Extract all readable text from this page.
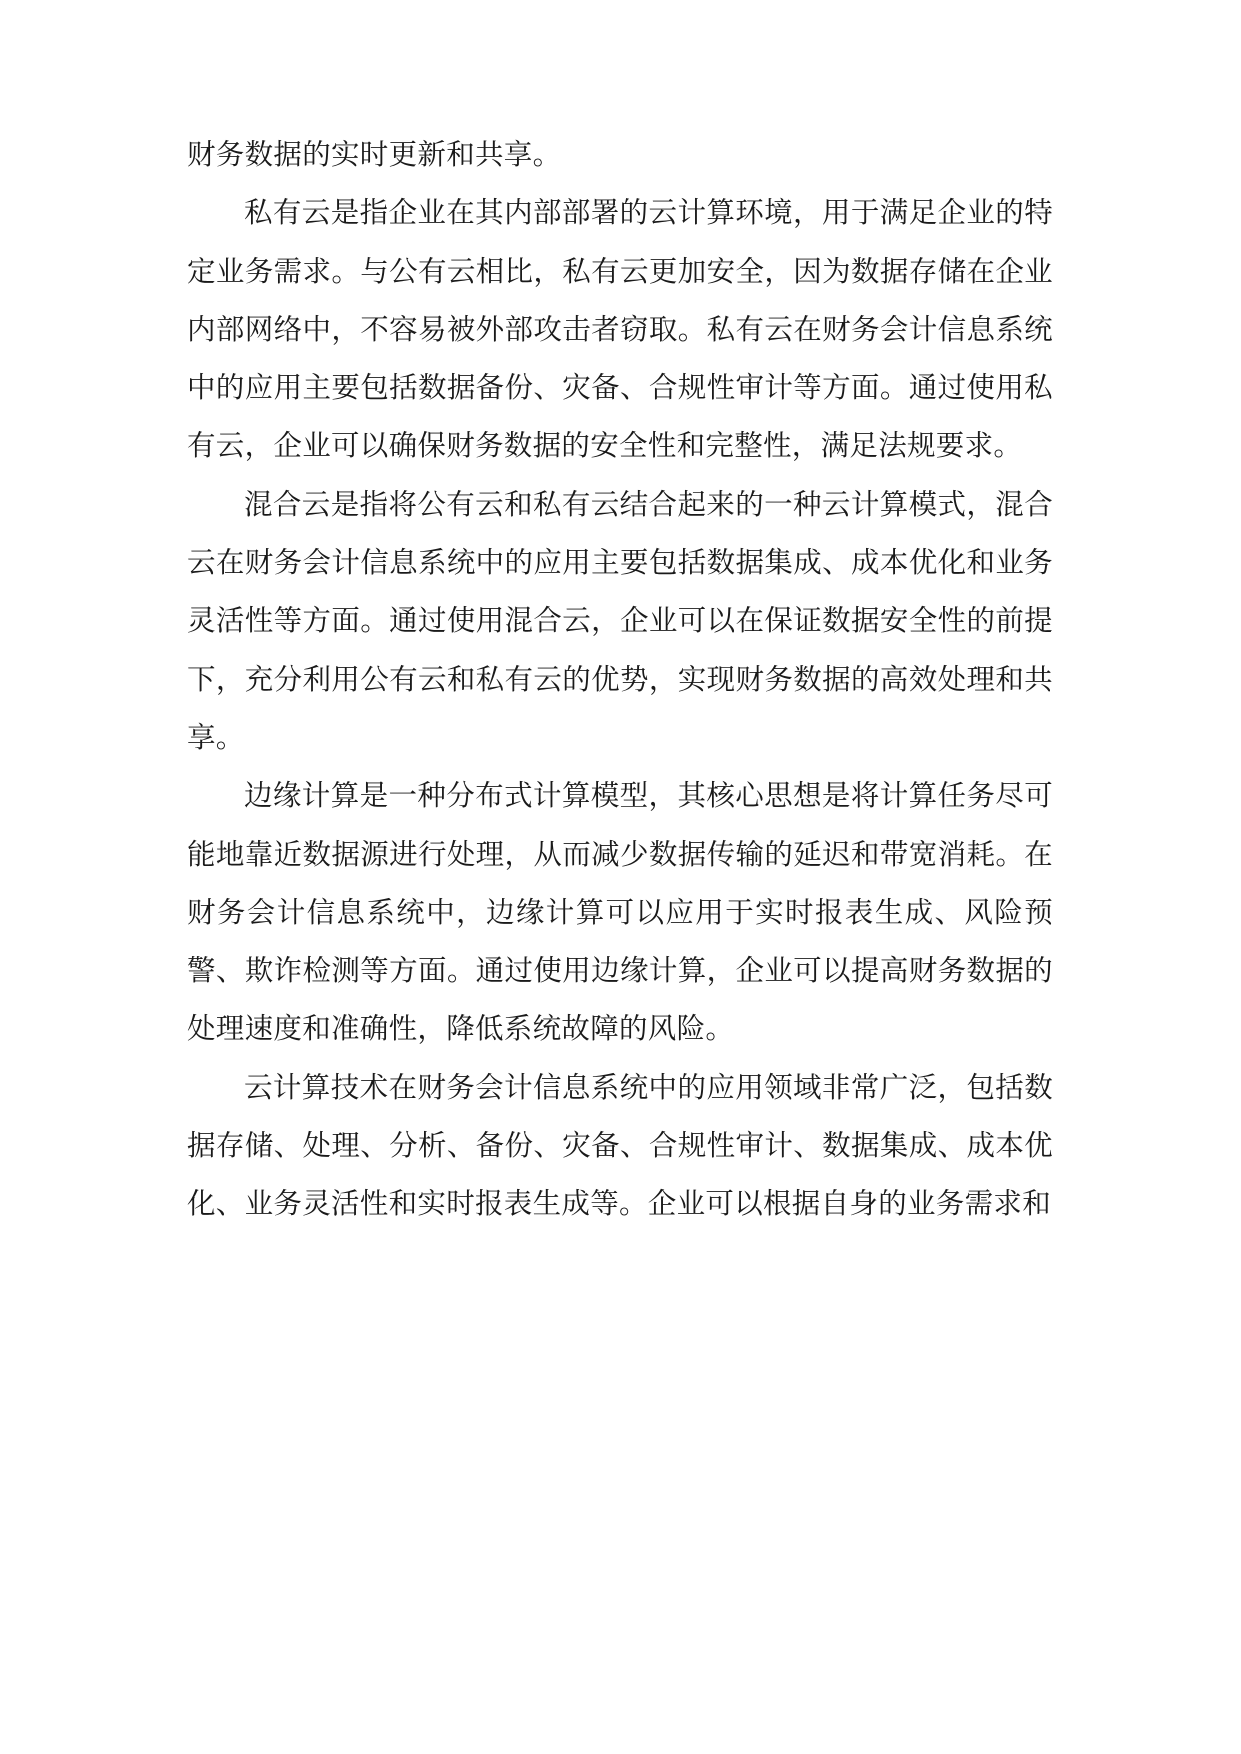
财务数据的实时更新和共享。

私有云是指企业在其内部部署的云计算环境，用于满足企业的特定业务需求。与公有云相比，私有云更加安全，因为数据存储在企业内部网络中，不容易被外部攻击者窃取。私有云在财务会计信息系统中的应用主要包括数据备份、灾备、合规性审计等方面。通过使用私有云，企业可以确保财务数据的安全性和完整性，满足法规要求。

混合云是指将公有云和私有云结合起来的一种云计算模式，混合云在财务会计信息系统中的应用主要包括数据集成、成本优化和业务灵活性等方面。通过使用混合云，企业可以在保证数据安全性的前提下，充分利用公有云和私有云的优势，实现财务数据的高效处理和共享。

边缘计算是一种分布式计算模型，其核心思想是将计算任务尽可能地靠近数据源进行处理，从而减少数据传输的延迟和带宽消耗。在财务会计信息系统中，边缘计算可以应用于实时报表生成、风险预警、欺诈检测等方面。通过使用边缘计算，企业可以提高财务数据的处理速度和准确性，降低系统故障的风险。

云计算技术在财务会计信息系统中的应用领域非常广泛，包括数据存储、处理、分析、备份、灾备、合规性审计、数据集成、成本优化、业务灵活性和实时报表生成等。企业可以根据自身的业务需求和
